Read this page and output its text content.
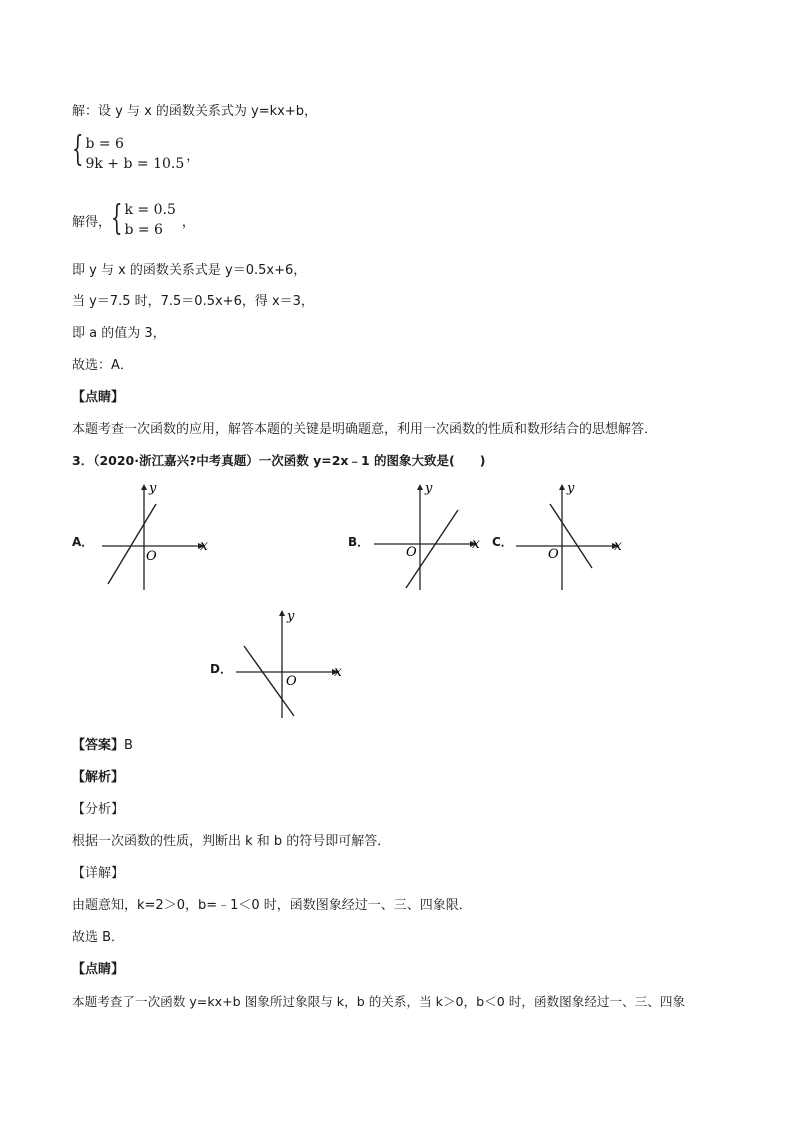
解：设 y 与 x 的函数关系式为 y=kx+b，
{ b = 6
9k + b = 10.5 ，
解得， { k = 0.5
b = 6	，
即 y 与 x 的函数关系式是 y＝0.5x+6，
当 y＝7.5 时，7.5＝0.5x+6，得 x＝3，
即 a 的值为 3，
故选：A．
【点睛】
本题考查一次函数的应用，解答本题的关键是明确题意，利用一次函数的性质和数形结合的思想解答．
3．（2020·浙江嘉兴?中考真题）一次函数 y=2x﹣1 的图象大致是(　　)
A．	x
y
O
B．	x
y
O
C．	x
y
O
D．	x
y
O
【答案】B
【解析】
【分析】
根据一次函数的性质，判断出 k 和 b 的符号即可解答．
【详解】
由题意知，k=2＞0，b=﹣1＜0 时，函数图象经过一、三、四象限．
故选 B．
【点睛】
本题考查了一次函数 y=kx+b 图象所过象限与 k，b 的关系，当 k＞0，b＜0 时，函数图象经过一、三、四象
